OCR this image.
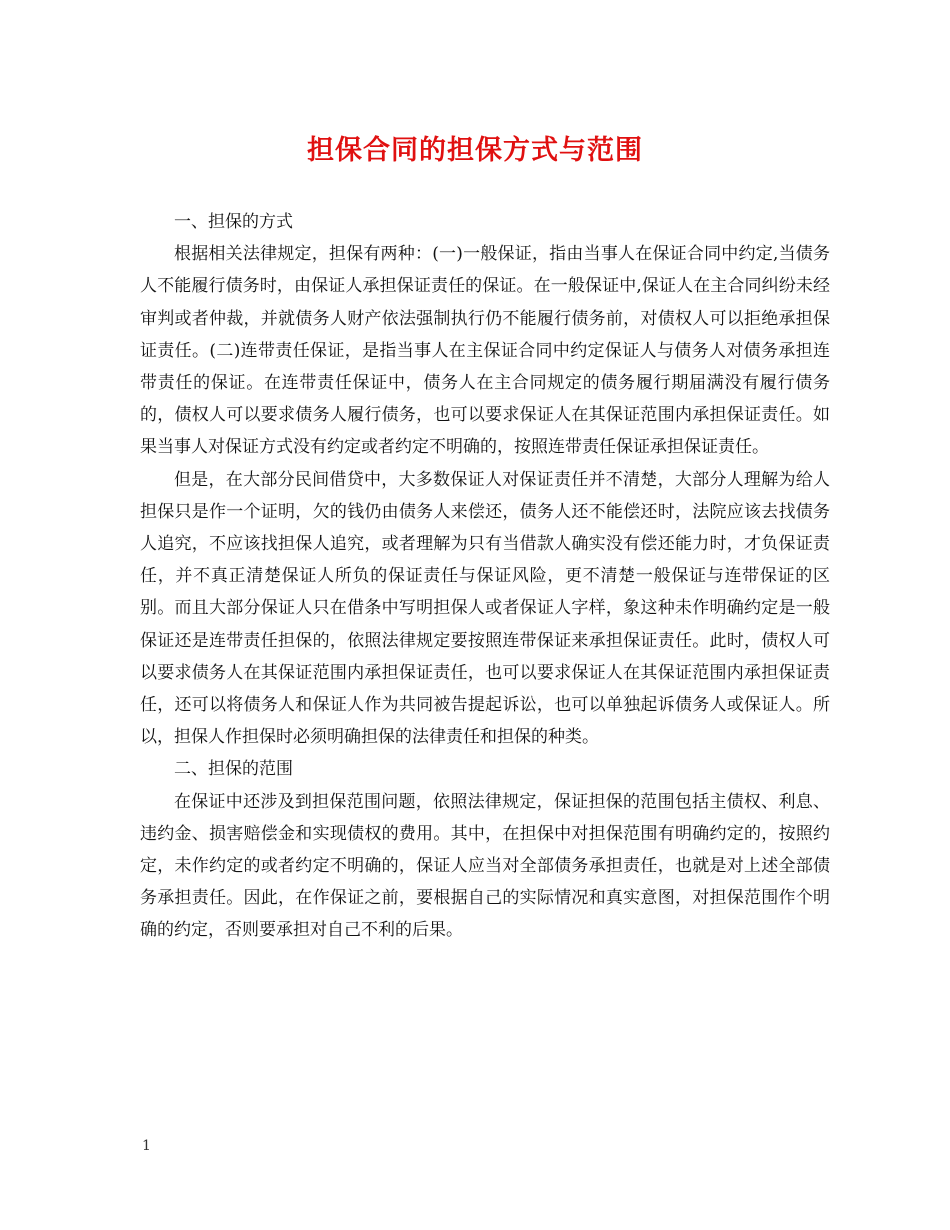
担保合同的担保方式与范围

一、担保的方式

根据相关法律规定，担保有两种：(一)一般保证，指由当事人在保证合同中约定,当债务人不能履行债务时，由保证人承担保证责任的保证。在一般保证中,保证人在主合同纠纷未经审判或者仲裁，并就债务人财产依法强制执行仍不能履行债务前，对债权人可以拒绝承担保证责任。(二)连带责任保证，是指当事人在主保证合同中约定保证人与债务人对债务承担连带责任的保证。在连带责任保证中，债务人在主合同规定的债务履行期届满没有履行债务的，债权人可以要求债务人履行债务，也可以要求保证人在其保证范围内承担保证责任。如果当事人对保证方式没有约定或者约定不明确的，按照连带责任保证承担保证责任。

但是，在大部分民间借贷中，大多数保证人对保证责任并不清楚，大部分人理解为给人担保只是作一个证明，欠的钱仍由债务人来偿还，债务人还不能偿还时，法院应该去找债务人追究，不应该找担保人追究，或者理解为只有当借款人确实没有偿还能力时，才负保证责任，并不真正清楚保证人所负的保证责任与保证风险，更不清楚一般保证与连带保证的区别。而且大部分保证人只在借条中写明担保人或者保证人字样，象这种未作明确约定是一般保证还是连带责任担保的，依照法律规定要按照连带保证来承担保证责任。此时，债权人可以要求债务人在其保证范围内承担保证责任，也可以要求保证人在其保证范围内承担保证责任，还可以将债务人和保证人作为共同被告提起诉讼，也可以单独起诉债务人或保证人。所以，担保人作担保时必须明确担保的法律责任和担保的种类。

二、担保的范围

在保证中还涉及到担保范围问题，依照法律规定，保证担保的范围包括主债权、利息、违约金、损害赔偿金和实现债权的费用。其中，在担保中对担保范围有明确约定的，按照约定，未作约定的或者约定不明确的，保证人应当对全部债务承担责任，也就是对上述全部债务承担责任。因此，在作保证之前，要根据自己的实际情况和真实意图，对担保范围作个明确的约定，否则要承担对自己不利的后果。

1
